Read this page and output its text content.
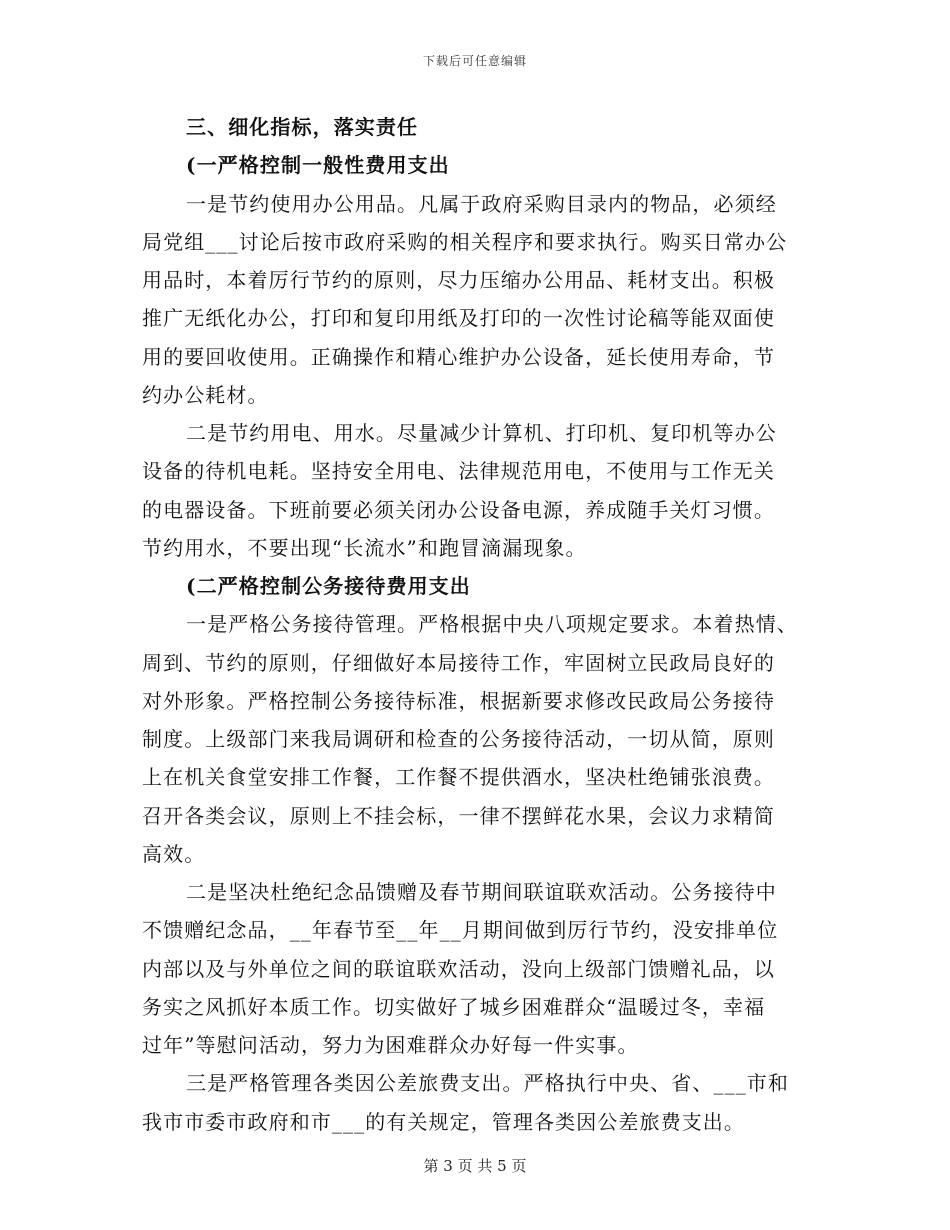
下载后可任意编辑
三、细化指标，落实责任
(一严格控制一般性费用支出
一是节约使用办公用品。凡属于政府采购目录内的物品，必须经
局党组___讨论后按市政府采购的相关程序和要求执行。购买日常办公
用品时，本着厉行节约的原则，尽力压缩办公用品、耗材支出。积极
推广无纸化办公，打印和复印用纸及打印的一次性讨论稿等能双面使
用的要回收使用。正确操作和精心维护办公设备，延长使用寿命，节
约办公耗材。
二是节约用电、用水。尽量减少计算机、打印机、复印机等办公
设备的待机电耗。坚持安全用电、法律规范用电，不使用与工作无关
的电器设备。下班前要必须关闭办公设备电源，养成随手关灯习惯。
节约用水，不要出现“长流水”和跑冒滴漏现象。
(二严格控制公务接待费用支出
一是严格公务接待管理。严格根据中央八项规定要求。本着热情、
周到、节约的原则，仔细做好本局接待工作，牢固树立民政局良好的
对外形象。严格控制公务接待标准，根据新要求修改民政局公务接待
制度。上级部门来我局调研和检查的公务接待活动，一切从简，原则
上在机关食堂安排工作餐，工作餐不提供酒水，坚决杜绝铺张浪费。
召开各类会议，原则上不挂会标，一律不摆鲜花水果，会议力求精简
高效。
二是坚决杜绝纪念品馈赠及春节期间联谊联欢活动。公务接待中
不馈赠纪念品，__年春节至__年__月期间做到厉行节约，没安排单位
内部以及与外单位之间的联谊联欢活动，没向上级部门馈赠礼品，以
务实之风抓好本质工作。切实做好了城乡困难群众“温暖过冬，幸福
过年”等慰问活动，努力为困难群众办好每一件实事。
三是严格管理各类因公差旅费支出。严格执行中央、省、___市和
我市市委市政府和市___的有关规定，管理各类因公差旅费支出。
第 3 页 共 5 页
